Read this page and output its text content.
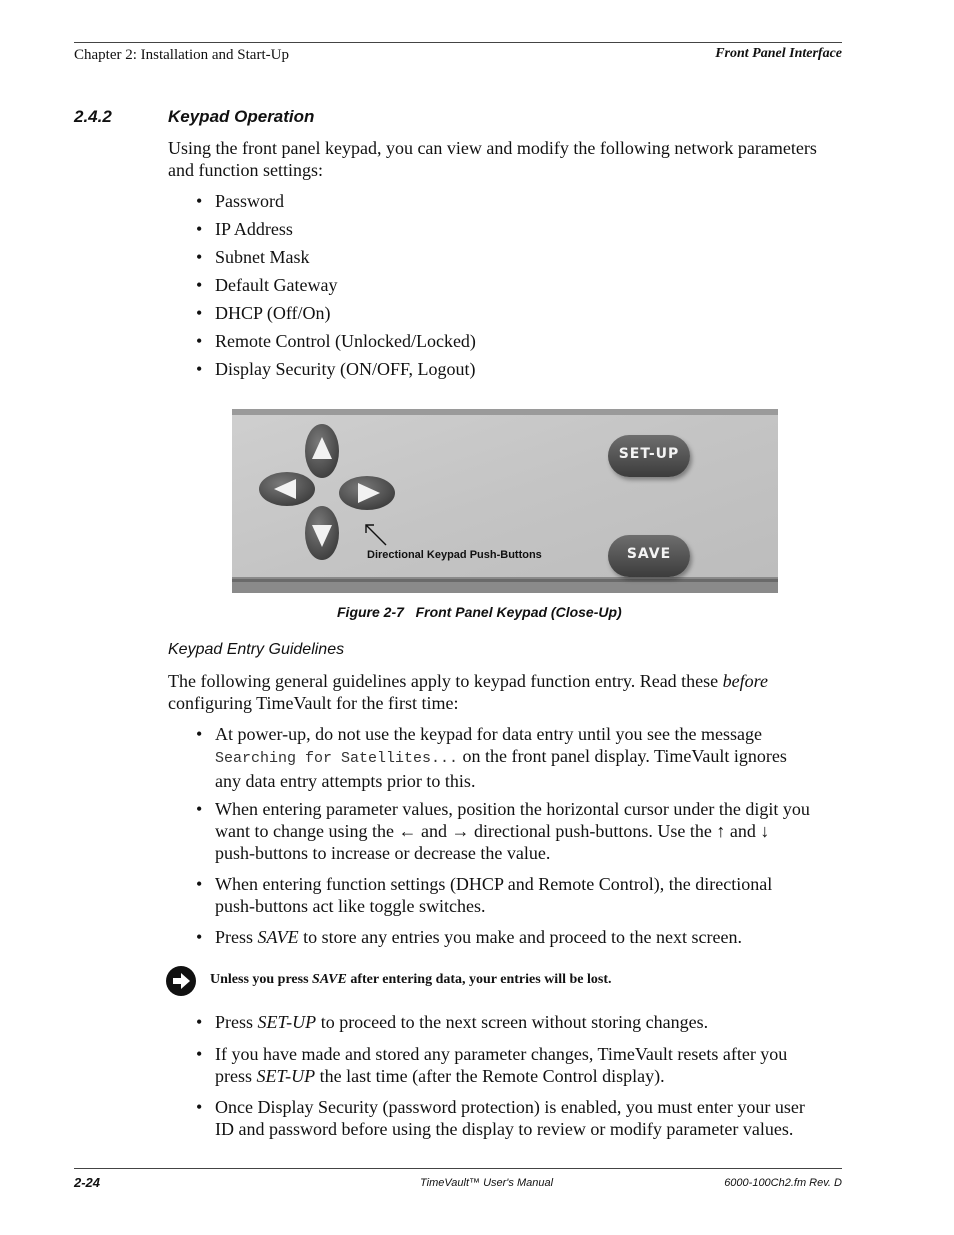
Chapter 2: Installation and Start-Up	Front Panel Interface
2.4.2	Keypad Operation
Using the front panel keypad, you can view and modify the following network parameters and function settings:
• Password
• IP Address
• Subnet Mask
• Default Gateway
• DHCP (Off/On)
• Remote Control (Unlocked/Locked)
• Display Security (ON/OFF, Logout)
Directional Keypad Push-Buttons
SET-UP
SAVE
Figure 2-7   Front Panel Keypad (Close-Up)
Keypad Entry Guidelines
The following general guidelines apply to keypad function entry. Read these before
configuring TimeVault for the first time:
• At power-up, do not use the keypad for data entry until you see the message
Searching for Satellites... on the front panel display. TimeVault ignores
any data entry attempts prior to this.
• When entering parameter values, position the horizontal cursor under the digit you
want to change using the ← and → directional push-buttons. Use the ↑ and ↓
push-buttons to increase or decrease the value.
• When entering function settings (DHCP and Remote Control), the directional
push-buttons act like toggle switches.
• Press SAVE to store any entries you make and proceed to the next screen.
Unless you press SAVE after entering data, your entries will be lost.
• Press SET-UP to proceed to the next screen without storing changes.
• If you have made and stored any parameter changes, TimeVault resets after you
press SET-UP the last time (after the Remote Control display).
• Once Display Security (password protection) is enabled, you must enter your user
ID and password before using the display to review or modify parameter values.
2-24	TimeVault™ User's Manual	6000-100Ch2.fm Rev. D
